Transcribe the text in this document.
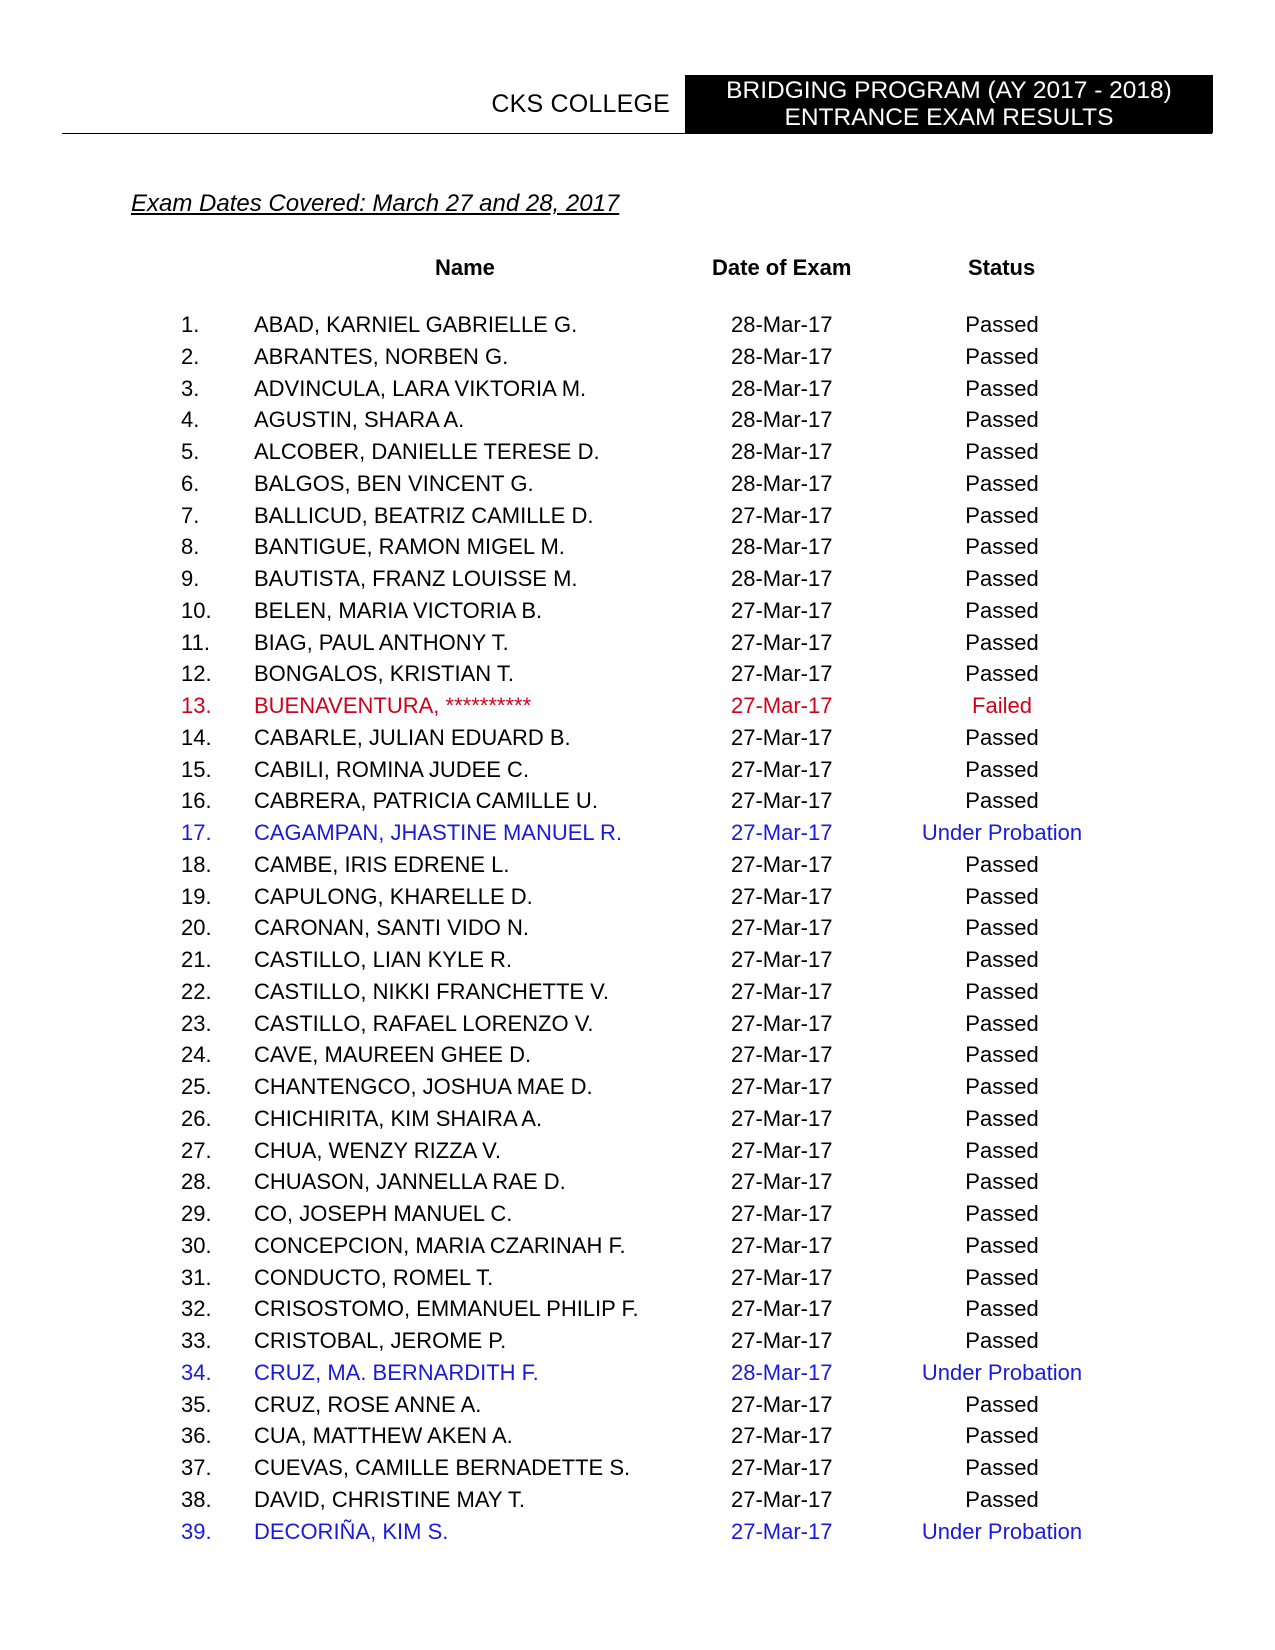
CKS COLLEGE	BRIDGING PROGRAM (AY 2017 - 2018)
ENTRANCE EXAM RESULTS
Exam Dates Covered: March 27 and 28, 2017
Name	Date of Exam	Status
1.	ABAD, KARNIEL GABRIELLE G.	28-Mar-17	Passed
2.	ABRANTES, NORBEN G.	28-Mar-17	Passed
3.	ADVINCULA, LARA VIKTORIA M.	28-Mar-17	Passed
4.	AGUSTIN, SHARA A.	28-Mar-17	Passed
5.	ALCOBER, DANIELLE TERESE D.	28-Mar-17	Passed
6.	BALGOS, BEN VINCENT G.	28-Mar-17	Passed
7.	BALLICUD, BEATRIZ CAMILLE D.	27-Mar-17	Passed
8.	BANTIGUE, RAMON MIGEL M.	28-Mar-17	Passed
9.	BAUTISTA, FRANZ LOUISSE M.	28-Mar-17	Passed
10.	BELEN, MARIA VICTORIA B.	27-Mar-17	Passed
11.	BIAG, PAUL ANTHONY T.	27-Mar-17	Passed
12.	BONGALOS, KRISTIAN T.	27-Mar-17	Passed
13.	BUENAVENTURA, **********	27-Mar-17	Failed
14.	CABARLE, JULIAN EDUARD B.	27-Mar-17	Passed
15.	CABILI, ROMINA JUDEE C.	27-Mar-17	Passed
16.	CABRERA, PATRICIA CAMILLE U.	27-Mar-17	Passed
17.	CAGAMPAN, JHASTINE MANUEL R.	27-Mar-17	Under Probation
18.	CAMBE, IRIS EDRENE L.	27-Mar-17	Passed
19.	CAPULONG, KHARELLE D.	27-Mar-17	Passed
20.	CARONAN, SANTI VIDO N.	27-Mar-17	Passed
21.	CASTILLO, LIAN KYLE R.	27-Mar-17	Passed
22.	CASTILLO, NIKKI FRANCHETTE V.	27-Mar-17	Passed
23.	CASTILLO, RAFAEL LORENZO V.	27-Mar-17	Passed
24.	CAVE, MAUREEN GHEE D.	27-Mar-17	Passed
25.	CHANTENGCO, JOSHUA MAE D.	27-Mar-17	Passed
26.	CHICHIRITA, KIM SHAIRA A.	27-Mar-17	Passed
27.	CHUA, WENZY RIZZA V.	27-Mar-17	Passed
28.	CHUASON, JANNELLA RAE D.	27-Mar-17	Passed
29.	CO, JOSEPH MANUEL C.	27-Mar-17	Passed
30.	CONCEPCION, MARIA CZARINAH F.	27-Mar-17	Passed
31.	CONDUCTO, ROMEL T.	27-Mar-17	Passed
32.	CRISOSTOMO, EMMANUEL PHILIP F.	27-Mar-17	Passed
33.	CRISTOBAL, JEROME P.	27-Mar-17	Passed
34.	CRUZ, MA. BERNARDITH F.	28-Mar-17	Under Probation
35.	CRUZ, ROSE ANNE A.	27-Mar-17	Passed
36.	CUA, MATTHEW AKEN A.	27-Mar-17	Passed
37.	CUEVAS, CAMILLE BERNADETTE S.	27-Mar-17	Passed
38.	DAVID, CHRISTINE MAY T.	27-Mar-17	Passed
39.	DECORIÑA, KIM S.	27-Mar-17	Under Probation
